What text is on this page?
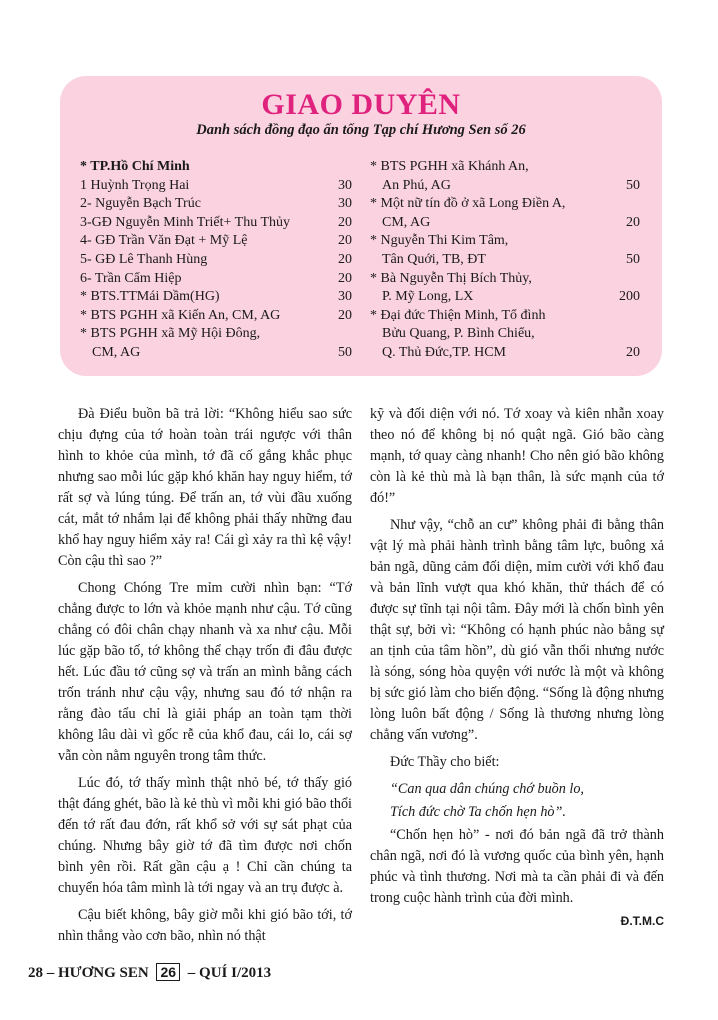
GIAO DUYÊN
Danh sách đồng đạo ấn tống Tạp chí Hương Sen số 26
* TP.Hồ Chí Minh
1 Huỳnh Trọng Hai	30
2- Nguyễn Bạch Trúc	30
3-GĐ Nguyễn Minh Triết+ Thu Thủy	20
4- GĐ Trần Văn Đạt + Mỹ Lệ	20
5- GĐ Lê Thanh Hùng	20
6- Trần Cẩm Hiệp	20
* BTS.TTMái Dầm(HG)	30
* BTS PGHH xã Kiến An, CM, AG	20
* BTS PGHH xã Mỹ Hội Đông,
CM, AG	50
* BTS PGHH xã Khánh An,
An Phú, AG	50
* Một nữ tín đồ ở xã Long Điền A,
CM, AG	20
* Nguyễn Thi Kim Tâm,
Tân Quới, TB, ĐT	50
* Bà Nguyễn Thị Bích Thủy,
P. Mỹ Long, LX	200
* Đại đức Thiện Minh, Tổ đình
Bửu Quang, P. Bình Chiểu,
Q. Thủ Đức,TP. HCM	20

Đà Điểu buồn bã trả lời: “Không hiểu sao sức chịu đựng của tớ hoàn toàn trái ngược với thân hình to khỏe của mình, tớ đã cố gắng khắc phục nhưng sao mỗi lúc gặp khó khăn hay nguy hiểm, tớ rất sợ và lúng túng. Để trấn an, tớ vùi đầu xuống cát, mắt tớ nhắm lại để không phải thấy những đau khổ hay nguy hiểm xảy ra! Cái gì xảy ra thì kệ vậy! Còn cậu thì sao ?”

Chong Chóng Tre mỉm cười nhìn bạn: “Tớ chẳng được to lớn và khỏe mạnh như cậu. Tớ cũng chẳng có đôi chân chạy nhanh và xa như cậu. Mỗi lúc gặp bão tố, tớ không thể chạy trốn đi đâu được hết. Lúc đầu tớ cũng sợ và trấn an mình bằng cách trốn tránh như cậu vậy, nhưng sau đó tớ nhận ra rằng đào tẩu chỉ là giải pháp an toàn tạm thời không lâu dài vì gốc rễ của khổ đau, cái lo, cái sợ vẫn còn nằm nguyên trong tâm thức.

Lúc đó, tớ thấy mình thật nhỏ bé, tớ thấy gió thật đáng ghét, bão là kẻ thù vì mỗi khi gió bão thổi đến tớ rất đau đớn, rất khổ sở với sự sát phạt của chúng. Nhưng bây giờ tớ đã tìm được nơi chốn bình yên rồi. Rất gần cậu ạ ! Chỉ cần chúng ta chuyển hóa tâm mình là tới ngay và an trụ được à.

Cậu biết không, bây giờ mỗi khi gió bão tới, tớ nhìn thẳng vào cơn bão, nhìn nó thật

kỹ và đối diện với nó. Tớ xoay và kiên nhẫn xoay theo nó để không bị nó quật ngã. Gió bão càng mạnh, tớ quay càng nhanh! Cho nên gió bão không còn là kẻ thù mà là bạn thân, là sức mạnh của tớ đó!”

Như vậy, “chỗ an cư” không phải đi bằng thân vật lý mà phải hành trình bằng tâm lực, buông xả bản ngã, dũng cảm đối diện, mỉm cười với khổ đau và bản lĩnh vượt qua khó khăn, thử thách để có được sự tĩnh tại nội tâm. Đây mới là chốn bình yên thật sự, bởi vì: “Không có hạnh phúc nào bằng sự an tịnh của tâm hồn”, dù gió vẫn thổi nhưng nước là sóng, sóng hòa quyện với nước là một và không bị sức gió làm cho biến động. “Sống là động nhưng lòng luôn bất động / Sống là thương nhưng lòng chẳng vấn vương”.

Đức Thầy cho biết:

“Can qua dân chúng chớ buồn lo,

Tích đức chờ Ta chốn hẹn hò”.

“Chốn hẹn hò” - nơi đó bản ngã đã trở thành chân ngã, nơi đó là vương quốc của bình yên, hạnh phúc và tình thương. Nơi mà ta cần phải đi và đến trong cuộc hành trình của đời mình.

Đ.T.M.C
28 – HƯƠNG SEN 26 – QUÍ I/2013
